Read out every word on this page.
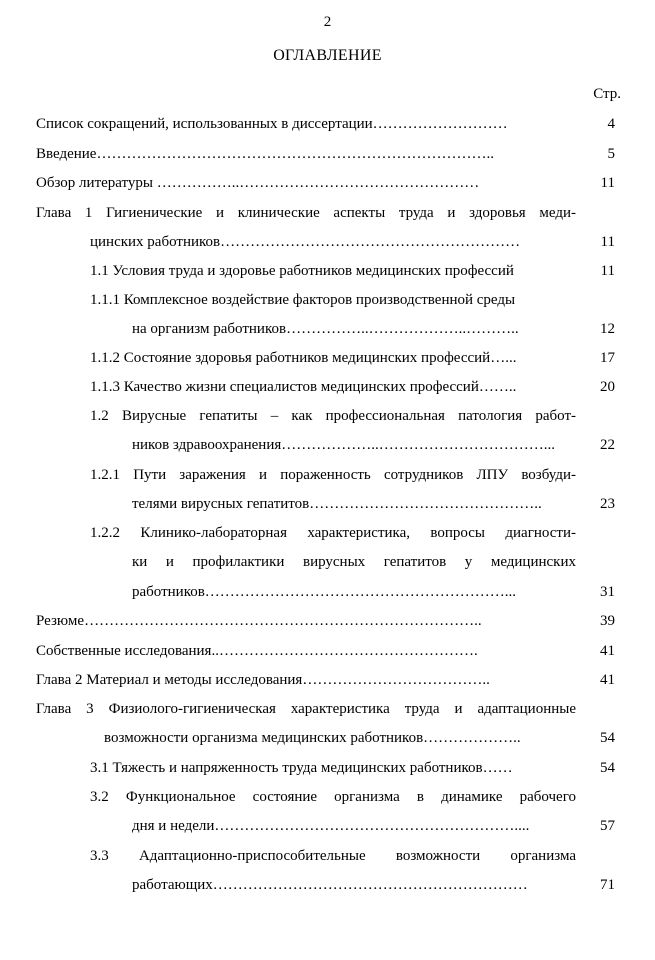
2
ОГЛАВЛЕНИЕ
Стр.
Список сокращений, использованных в диссертации………………………	4
Введение……………………………………………………………………..	5
Обзор литературы ……………..…………………………………………	11
Глава 1 Гигиенические и клинические аспекты труда и здоровья меди-
цинских работников……………………………………………………	11
1.1 Условия труда и здоровье работников медицинских профессий	11
1.1.1 Комплексное воздействие факторов производственной среды
на организм работников……………..………………..………..	12
1.1.2 Состояние здоровья работников медицинских профессий…...	17
1.1.3 Качество жизни специалистов медицинских профессий……..	20
1.2 Вирусные гепатиты – как профессиональная патология работ-
ников здравоохранения………………..……………………………...	22
1.2.1 Пути заражения и пораженность сотрудников ЛПУ возбуди-
телями вирусных гепатитов………………………………………..	23
1.2.2 Клинико-лабораторная характеристика, вопросы диагности-
ки и профилактики вирусных гепатитов у медицинских
работников……………………………………………………...	31
Резюме……………………………………………………………………..	39
Собственные исследования..…………………………………………….	41
Глава 2 Материал и методы исследования………………………………..	41
Глава 3 Физиолого-гигиеническая характеристика труда и адаптационные
возможности организма медицинских работников………………..	54
3.1 Тяжесть и напряженность труда медицинских работников……	54
3.2 Функциональное состояние организма в динамике рабочего
дня и недели……………………………………………………....	57
3.3 Адаптационно-приспособительные возможности организма
работающих………………………………………………………	71
